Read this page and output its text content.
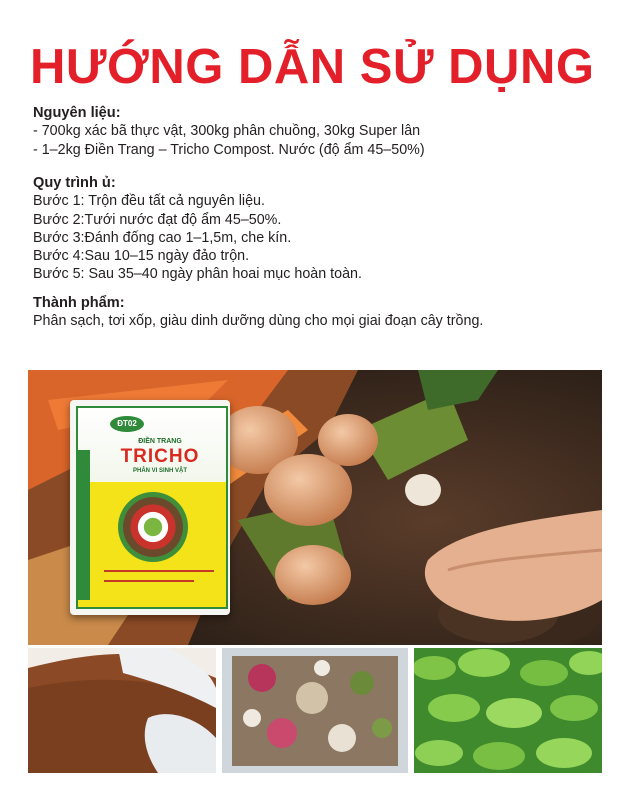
HƯỚNG DẪN SỬ DỤNG

Nguyên liệu:

- 700kg xác bã thực vật, 300kg phân chuồng, 30kg Super lân

- 1–2kg Điền Trang – Tricho Compost. Nước (độ ẩm 45–50%)

Quy trình ủ:

Bước 1: Trộn đều tất cả nguyên liệu.

Bước 2:Tưới nước đạt độ ẩm 45–50%.

Bước 3:Đánh đống cao 1–1,5m, che kín.

Bước 4:Sau 10–15 ngày đảo trộn.

Bước 5: Sau 35–40 ngày phân hoai mục hoàn toàn.

Thành phẩm:

Phân sạch, tơi xốp, giàu dinh dưỡng dùng cho mọi giai đoạn cây trồng.

ĐT02
ĐIỀN TRANG
TRICHO
PHÂN VI SINH VẬT
